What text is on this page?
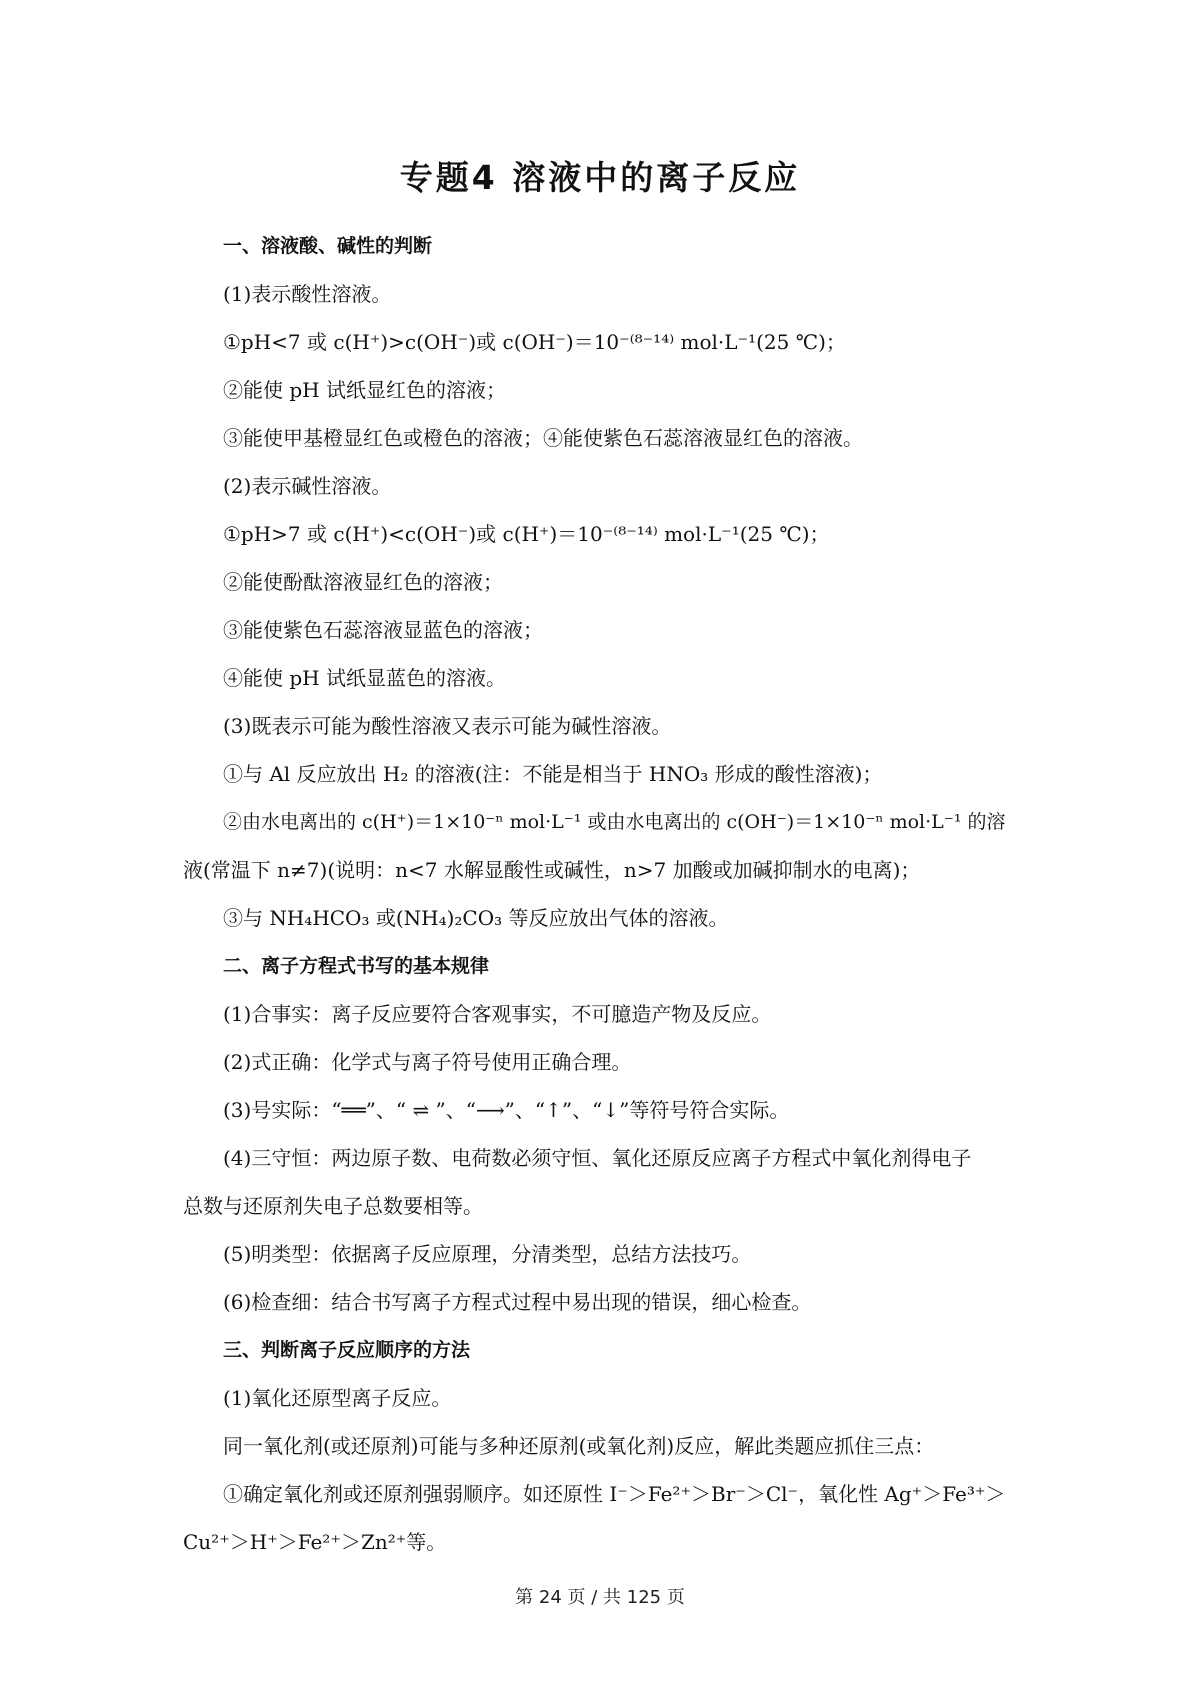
专题4 溶液中的离子反应

一、溶液酸、碱性的判断

(1)表示酸性溶液。

①pH<7 或 c(H⁺)>c(OH⁻)或 c(OH⁻)＝10⁻⁽⁸⁻¹⁴⁾ mol·L⁻¹(25 ℃)；

②能使 pH 试纸显红色的溶液；

③能使甲基橙显红色或橙色的溶液；④能使紫色石蕊溶液显红色的溶液。

(2)表示碱性溶液。

①pH>7 或 c(H⁺)<c(OH⁻)或 c(H⁺)＝10⁻⁽⁸⁻¹⁴⁾ mol·L⁻¹(25 ℃)；

②能使酚酞溶液显红色的溶液；

③能使紫色石蕊溶液显蓝色的溶液；

④能使 pH 试纸显蓝色的溶液。

(3)既表示可能为酸性溶液又表示可能为碱性溶液。

①与 Al 反应放出 H₂ 的溶液(注：不能是相当于 HNO₃ 形成的酸性溶液)；

②由水电离出的 c(H⁺)＝1×10⁻ⁿ mol·L⁻¹ 或由水电离出的 c(OH⁻)＝1×10⁻ⁿ mol·L⁻¹ 的溶

液(常温下 n≠7)(说明：n<7 水解显酸性或碱性，n>7 加酸或加碱抑制水的电离)；

③与 NH₄HCO₃ 或(NH₄)₂CO₃ 等反应放出气体的溶液。

二、离子方程式书写的基本规律

(1)合事实：离子反应要符合客观事实，不可臆造产物及反应。

(2)式正确：化学式与离子符号使用正确合理。

(3)号实际：“══”、“ ⇌ ”、“⟶”、“↑”、“↓”等符号符合实际。

(4)三守恒：两边原子数、电荷数必须守恒、氧化还原反应离子方程式中氧化剂得电子

总数与还原剂失电子总数要相等。

(5)明类型：依据离子反应原理，分清类型，总结方法技巧。

(6)检查细：结合书写离子方程式过程中易出现的错误，细心检查。

三、判断离子反应顺序的方法

(1)氧化还原型离子反应。

同一氧化剂(或还原剂)可能与多种还原剂(或氧化剂)反应，解此类题应抓住三点：

①确定氧化剂或还原剂强弱顺序。如还原性 I⁻＞Fe²⁺＞Br⁻＞Cl⁻，氧化性 Ag⁺＞Fe³⁺＞

Cu²⁺＞H⁺＞Fe²⁺＞Zn²⁺等。

第 24 页 / 共 125 页
